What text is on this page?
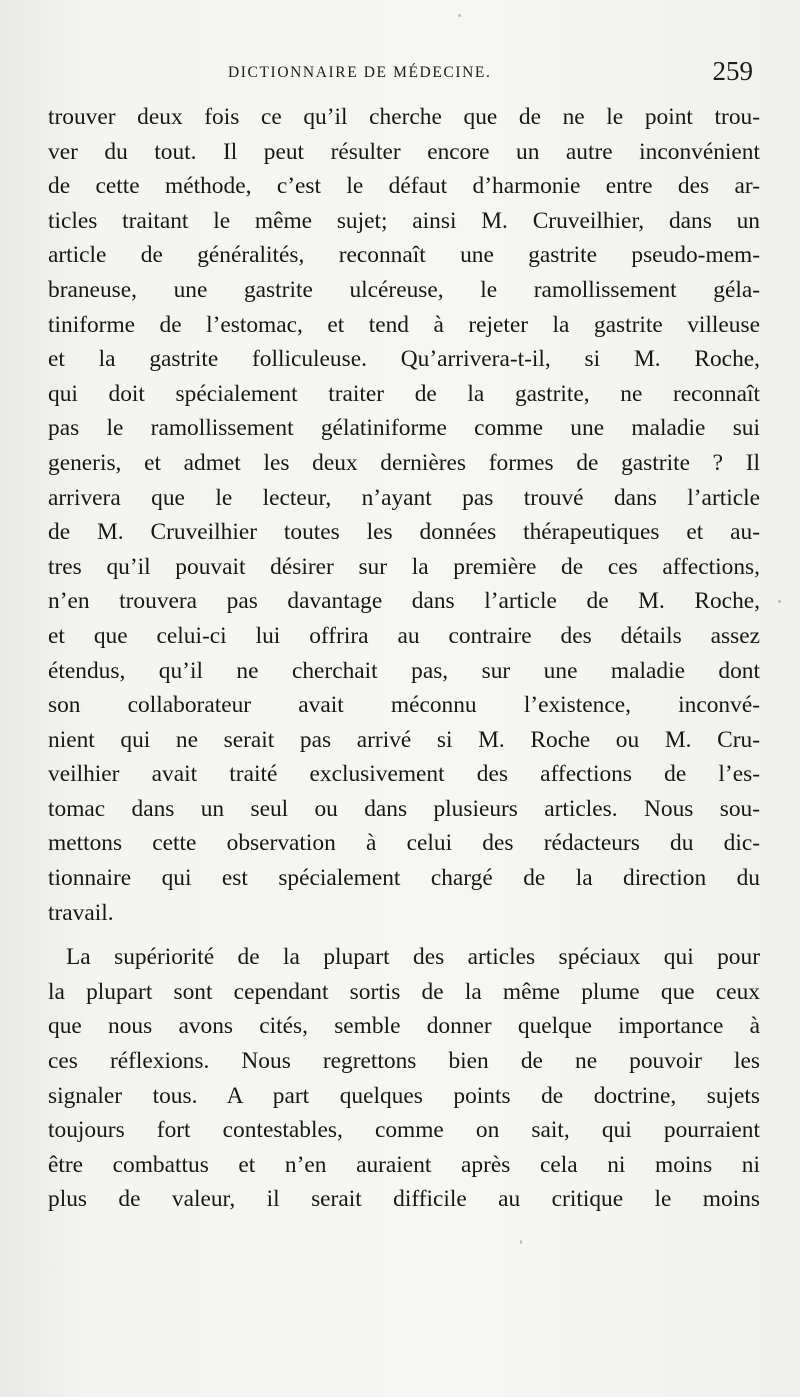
DICTIONNAIRE DE MÉDECINE.	259
trouver deux fois ce qu’il cherche que de ne le point trou-
ver du tout. Il peut résulter encore un autre inconvénient
de cette méthode, c’est le défaut d’harmonie entre des ar-
ticles traitant le même sujet; ainsi M. Cruveilhier, dans un
article de généralités, reconnaît une gastrite pseudo-mem-
braneuse, une gastrite ulcéreuse, le ramollissement géla-
tiniforme de l’estomac, et tend à rejeter la gastrite villeuse
et la gastrite folliculeuse. Qu’arrivera-t-il, si M. Roche,
qui doit spécialement traiter de la gastrite, ne reconnaît
pas le ramollissement gélatiniforme comme une maladie sui
generis, et admet les deux dernières formes de gastrite ? Il
arrivera que le lecteur, n’ayant pas trouvé dans l’article
de M. Cruveilhier toutes les données thérapeutiques et au-
tres qu’il pouvait désirer sur la première de ces affections,
n’en trouvera pas davantage dans l’article de M. Roche,
et que celui-ci lui offrira au contraire des détails assez
étendus, qu’il ne cherchait pas, sur une maladie dont
son collaborateur avait méconnu l’existence, inconvé-
nient qui ne serait pas arrivé si M. Roche ou M. Cru-
veilhier avait traité exclusivement des affections de l’es-
tomac dans un seul ou dans plusieurs articles. Nous sou-
mettons cette observation à celui des rédacteurs du dic-
tionnaire qui est spécialement chargé de la direction du
travail.
La supériorité de la plupart des articles spéciaux qui pour
la plupart sont cependant sortis de la même plume que ceux
que nous avons cités, semble donner quelque importance à
ces réflexions. Nous regrettons bien de ne pouvoir les
signaler tous. A part quelques points de doctrine, sujets
toujours fort contestables, comme on sait, qui pourraient
être combattus et n’en auraient après cela ni moins ni
plus de valeur, il serait difficile au critique le moins
